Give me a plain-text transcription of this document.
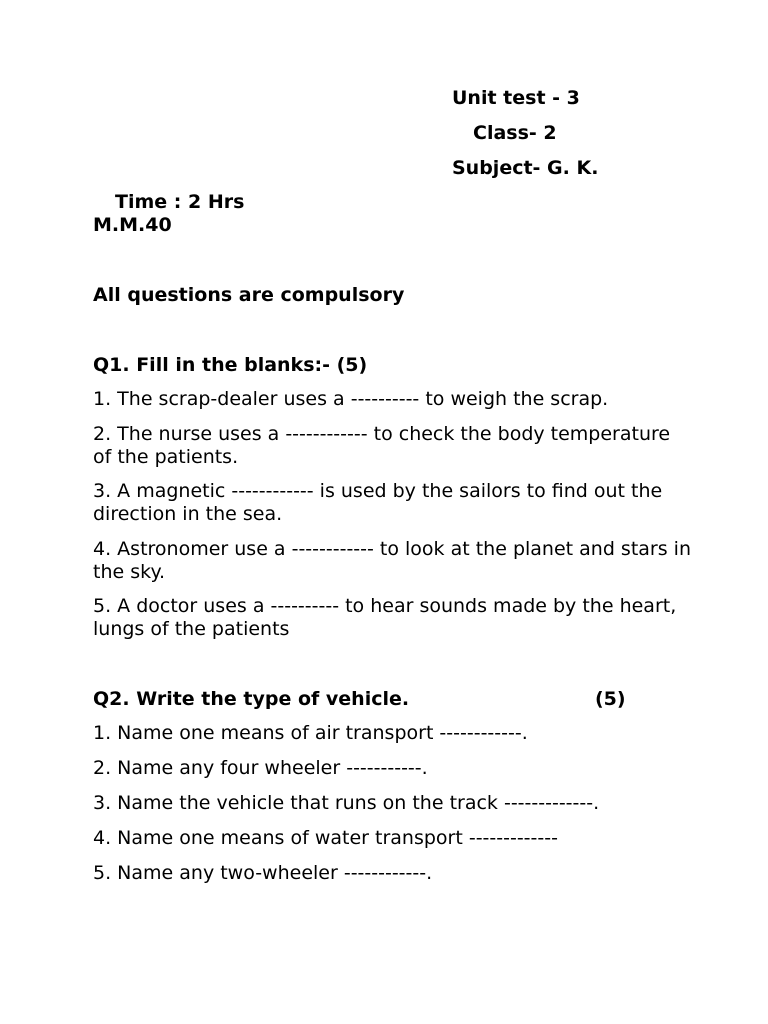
Unit test - 3
Class- 2
Subject- G. K.
Time : 2 Hrs
M.M.40
All questions are compulsory
Q1. Fill in the blanks:- (5)
1. The scrap-dealer uses a ---------- to weigh the scrap.
2. The nurse uses a ------------ to check the body temperature of the patients.
3. A magnetic ------------ is used by the sailors to find out the direction in the sea.
4. Astronomer use a ------------ to look at the planet and stars in the sky.
5. A doctor uses a ---------- to hear sounds made by the heart, lungs of the patients
Q2. Write the type of vehicle.	(5)
1. Name one means of air transport ------------.
2. Name any four wheeler -----------.
3. Name the vehicle that runs on the track -------------.
4. Name one means of water transport -------------
5. Name any two-wheeler ------------.
